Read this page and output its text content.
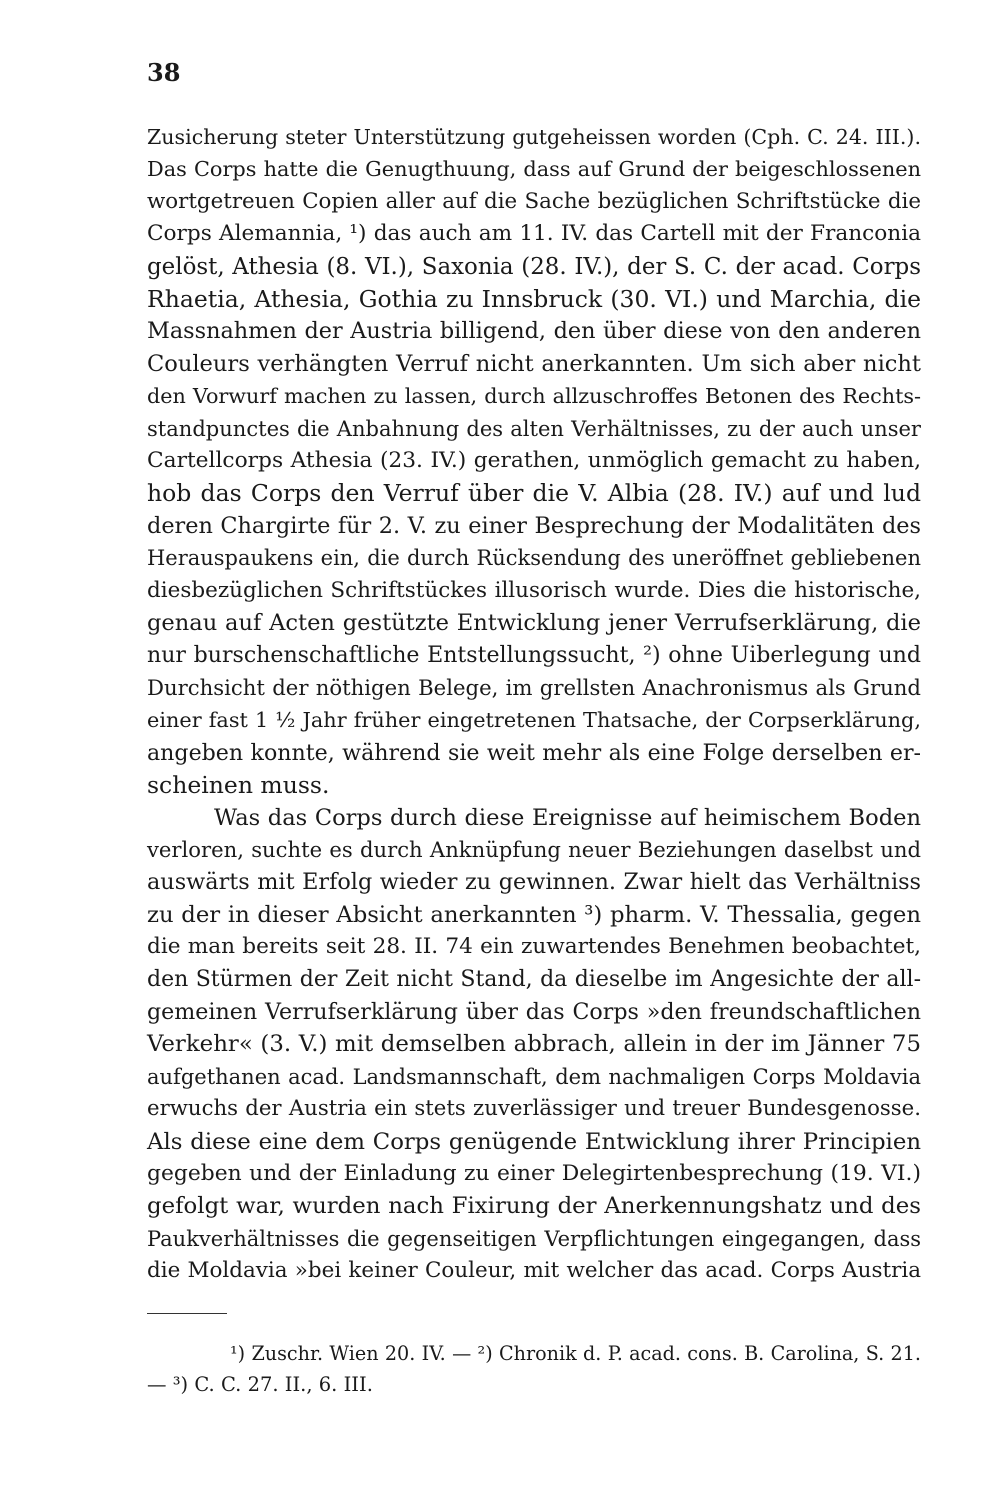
38
Zusicherung steter Unterstützung gutgeheissen worden (Cph. C. 24. III.).
Das Corps hatte die Genugthuung, dass auf Grund der beigeschlossenen
wortgetreuen Copien aller auf die Sache bezüglichen Schriftstücke die
Corps Alemannia, ¹) das auch am 11. IV. das Cartell mit der Franconia
gelöst, Athesia (8. VI.), Saxonia (28. IV.), der S. C. der acad. Corps
Rhaetia, Athesia, Gothia zu Innsbruck (30. VI.) und Marchia, die
Massnahmen der Austria billigend, den über diese von den anderen
Couleurs verhängten Verruf nicht anerkannten. Um sich aber nicht
den Vorwurf machen zu lassen, durch allzuschroffes Betonen des Rechts-
standpunctes die Anbahnung des alten Verhältnisses, zu der auch unser
Cartellcorps Athesia (23. IV.) gerathen, unmöglich gemacht zu haben,
hob das Corps den Verruf über die V. Albia (28. IV.) auf und lud
deren Chargirte für 2. V. zu einer Besprechung der Modalitäten des
Herauspaukens ein, die durch Rücksendung des uneröffnet gebliebenen
diesbezüglichen Schriftstückes illusorisch wurde. Dies die historische,
genau auf Acten gestützte Entwicklung jener Verrufserklärung, die
nur burschenschaftliche Entstellungssucht, ²) ohne Uiberlegung und
Durchsicht der nöthigen Belege, im grellsten Anachronismus als Grund
einer fast 1 ½ Jahr früher eingetretenen Thatsache, der Corpserklärung,
angeben konnte, während sie weit mehr als eine Folge derselben er-
scheinen muss.
Was das Corps durch diese Ereignisse auf heimischem Boden
verloren, suchte es durch Anknüpfung neuer Beziehungen daselbst und
auswärts mit Erfolg wieder zu gewinnen. Zwar hielt das Verhältniss
zu der in dieser Absicht anerkannten ³) pharm. V. Thessalia, gegen
die man bereits seit 28. II. 74 ein zuwartendes Benehmen beobachtet,
den Stürmen der Zeit nicht Stand, da dieselbe im Angesichte der all-
gemeinen Verrufserklärung über das Corps »den freundschaftlichen
Verkehr« (3. V.) mit demselben abbrach, allein in der im Jänner 75
aufgethanen acad. Landsmannschaft, dem nachmaligen Corps Moldavia
erwuchs der Austria ein stets zuverlässiger und treuer Bundesgenosse.
Als diese eine dem Corps genügende Entwicklung ihrer Principien
gegeben und der Einladung zu einer Delegirtenbesprechung (19. VI.)
gefolgt war, wurden nach Fixirung der Anerkennungshatz und des
Paukverhältnisses die gegenseitigen Verpflichtungen eingegangen, dass
die Moldavia »bei keiner Couleur, mit welcher das acad. Corps Austria
¹) Zuschr. Wien 20. IV. — ²) Chronik d. P. acad. cons. B. Carolina, S. 21.
— ³) C. C. 27. II., 6. III.
